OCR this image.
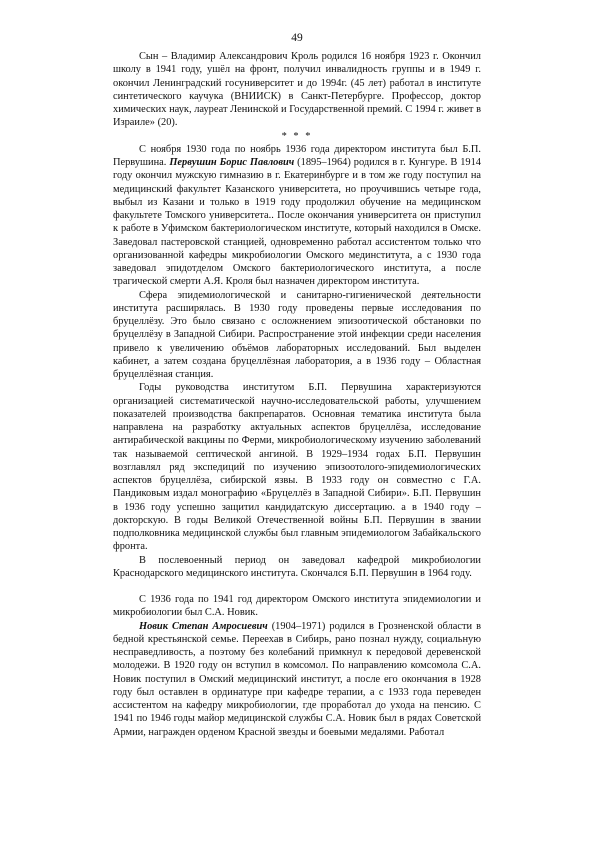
49

Сын – Владимир Александрович Кроль родился 16 ноября 1923 г. Окончил школу в 1941 году, ушёл на фронт, получил инвалидность группы и в 1949 г. окончил Ленинградский госуниверситет и до 1994г. (45 лет) работал в институте синтетического каучука (ВНИИСК) в Санкт-Петербурге. Профессор, доктор химических наук, лауреат Ленинской и Государственной премий. С 1994 г. живет в Израиле» (20).

* * *

С ноября 1930 года по ноябрь 1936 года директором института был Б.П. Первушина. Первушин Борис Павлович (1895–1964) родился в г. Кунгуре. В 1914 году окончил мужскую гимназию в г. Екатеринбурге и в том же году поступил на медицинский факультет Казанского университета, но проучившись четыре года, выбыл из Казани и только в 1919 году продолжил обучение на медицинском факультете Томского университета.. После окончания университета он приступил к работе в Уфимском бактериологическом институте, который находился в Омске. Заведовал пастеровской станцией, одновременно работал ассистентом только что организованной кафедры микробиологии Омского мединститута, а с 1930 года заведовал эпидотделом Омского бактериологического института, а после трагической смерти А.Я. Кроля был назначен директором института.

Сфера эпидемиологической и санитарно-гигиенической деятельности института расширялась. В 1930 году проведены первые исследования по бруцеллёзу. Это было связано с осложнением эпизоотической обстановки по бруцеллёзу в Западной Сибири. Распространение этой инфекции среди населения привело к увеличению объёмов лабораторных исследований. Был выделен кабинет, а затем создана бруцеллёзная лаборатория, а в 1936 году – Областная бруцеллёзная станция.

Годы руководства институтом Б.П. Первушина характеризуются организацией систематической научно-исследовательской работы, улучшением показателей производства бакпрепаратов. Основная тематика института была направлена на разработку актуальных аспектов бруцеллёза, исследование антирабической вакцины по Ферми, микробиологическому изучению заболеваний так называемой септической ангиной. В 1929–1934 годах Б.П. Первушин возглавлял ряд экспедиций по изучению эпизоотолого-эпидемиологических аспектов бруцеллёза, сибирской язвы. В 1933 году он совместно с Г.А. Пандиковым издал монографию «Бруцеллёз в Западной Сибири». Б.П. Первушин в 1936 году успешно защитил кандидатскую диссертацию. а в 1940 году – докторскую. В годы Великой Отечественной войны Б.П. Первушин в звании подполковника медицинской службы был главным эпидемиологом Забайкальского фронта.

В послевоенный период он заведовал кафедрой микробиологии Краснодарского медицинского института. Скончался Б.П. Первушин в 1964 году.

С 1936 года по 1941 год директором Омского института эпидемиологии и микробиологии был С.А. Новик.

Новик Степан Амросиевич (1904–1971) родился в Грозненской области в бедной крестьянской семье. Переехав в Сибирь, рано познал нужду, социальную несправедливость, а поэтому без колебаний примкнул к передовой деревенской молодежи. В 1920 году он вступил в комсомол. По направлению комсомола С.А. Новик поступил в Омский медицинский институт, а после его окончания в 1928 году был оставлен в ординатуре при кафедре терапии, а с 1933 года переведен ассистентом на кафедру микробиологии, где проработал до ухода на пенсию. С 1941 по 1946 годы майор медицинской службы С.А. Новик был в рядах Советской Армии, награжден орденом Красной звезды и боевыми медалями. Работал
